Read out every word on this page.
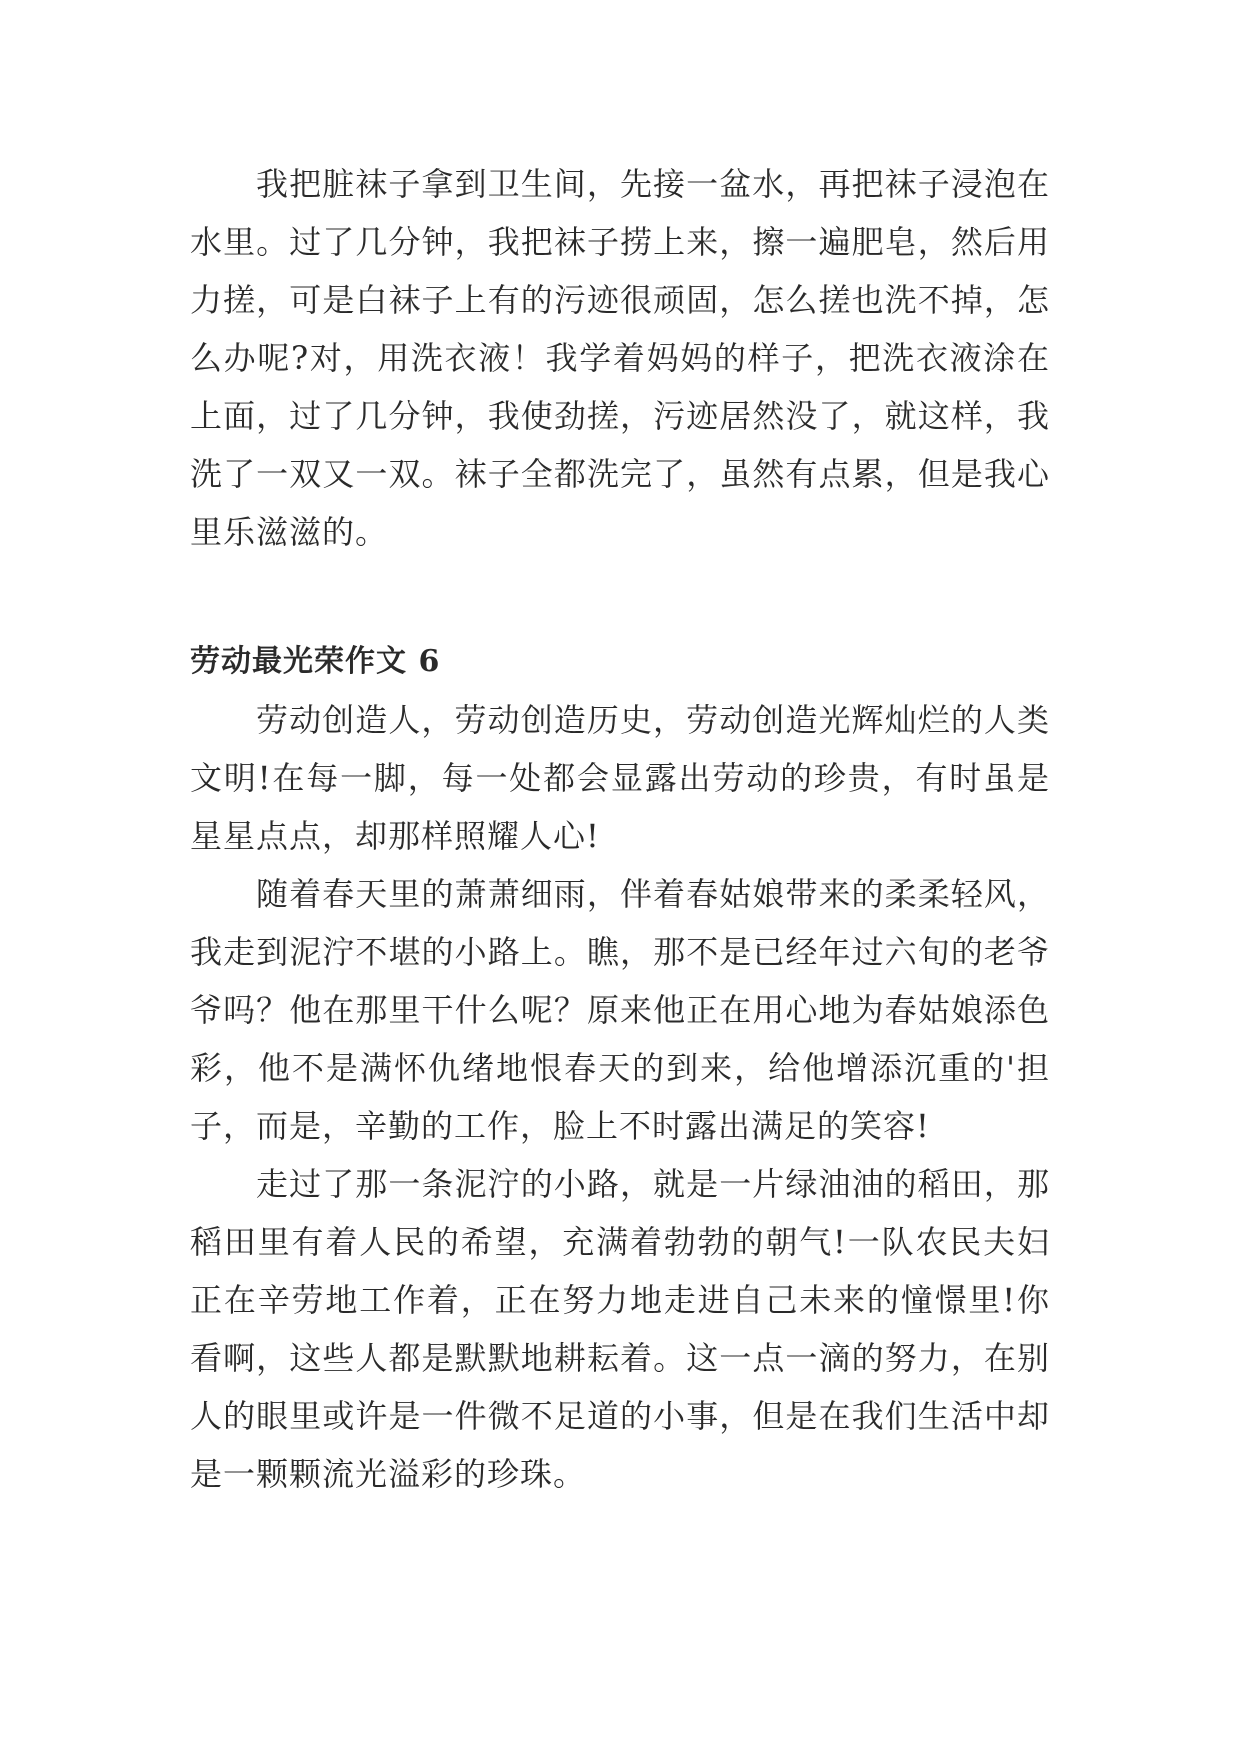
我把脏袜子拿到卫生间，先接一盆水，再把袜子浸泡在水里。过了几分钟，我把袜子捞上来，擦一遍肥皂，然后用力搓，可是白袜子上有的污迹很顽固，怎么搓也洗不掉，怎么办呢?对，用洗衣液！我学着妈妈的样子，把洗衣液涂在上面，过了几分钟，我使劲搓，污迹居然没了，就这样，我洗了一双又一双。袜子全都洗完了，虽然有点累，但是我心里乐滋滋的。

劳动最光荣作文 6

劳动创造人，劳动创造历史，劳动创造光辉灿烂的人类文明!在每一脚，每一处都会显露出劳动的珍贵，有时虽是星星点点，却那样照耀人心!

随着春天里的萧萧细雨，伴着春姑娘带来的柔柔轻风，我走到泥泞不堪的小路上。瞧，那不是已经年过六旬的老爷爷吗？他在那里干什么呢？原来他正在用心地为春姑娘添色彩，他不是满怀仇绪地恨春天的到来，给他增添沉重的'担子，而是，辛勤的工作，脸上不时露出满足的笑容!

走过了那一条泥泞的小路，就是一片绿油油的稻田，那稻田里有着人民的希望，充满着勃勃的朝气!一队农民夫妇正在辛劳地工作着，正在努力地走进自己未来的憧憬里!你看啊，这些人都是默默地耕耘着。这一点一滴的努力，在别人的眼里或许是一件微不足道的小事，但是在我们生活中却是一颗颗流光溢彩的珍珠。
